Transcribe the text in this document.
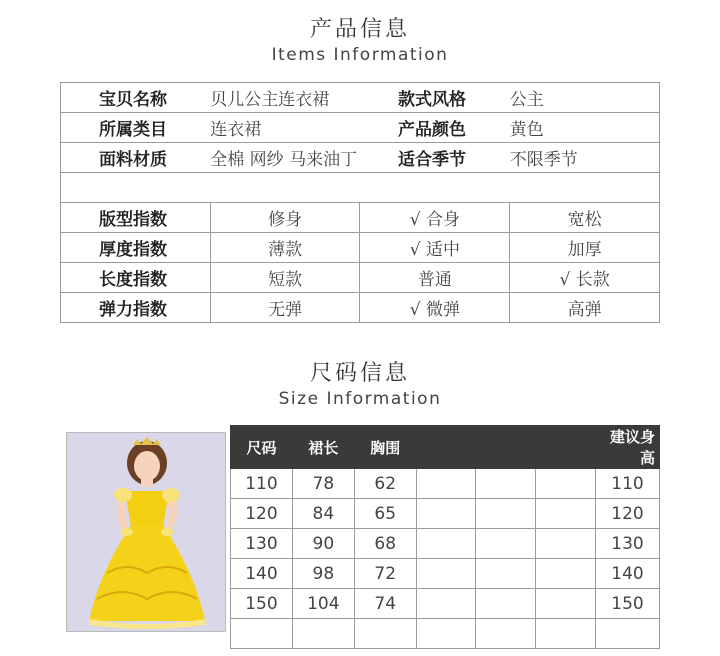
产品信息
Items Information
宝贝名称	贝儿公主连衣裙	款式风格	公主
所属类目	连衣裙	产品颜色	黄色
面料材质	全棉 网纱 马来油丁	适合季节	不限季节

版型指数	修身	√ 合身	宽松
厚度指数	薄款	√ 适中	加厚
长度指数	短款	普通	√ 长款
弹力指数	无弹	√ 微弹	高弹
尺码信息
Size Information
尺码	裙长	胸围				建议身高
110	78	62				110
120	84	65				120
130	90	68				130
140	98	72				140
150	104	74				150
